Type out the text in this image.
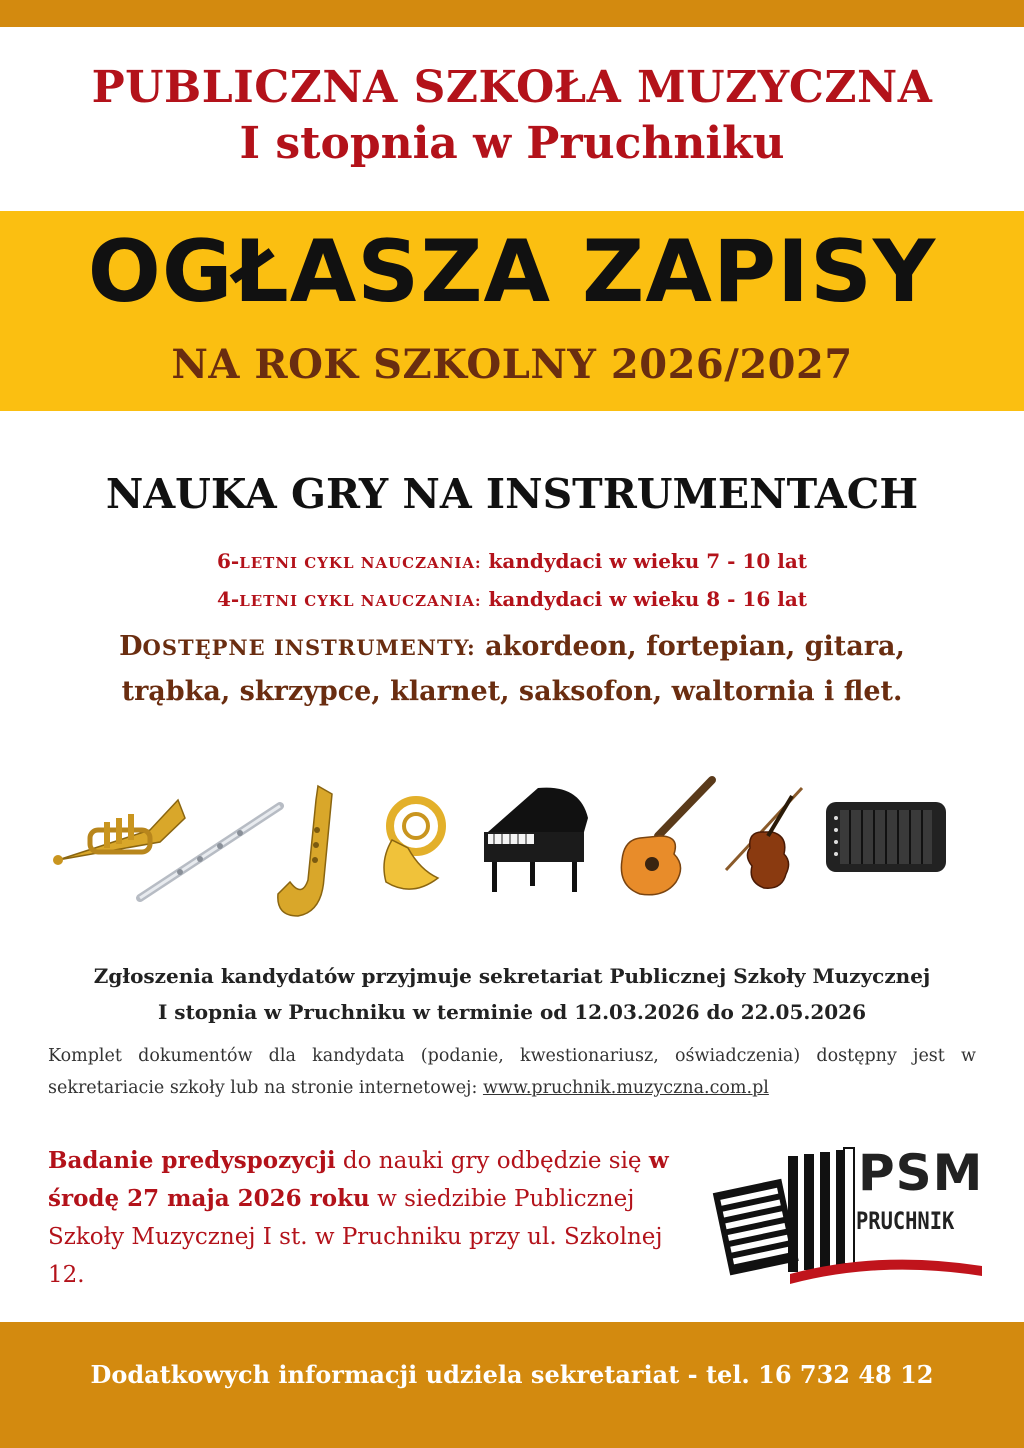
PUBLICZNA SZKOŁA MUZYCZNA
I stopnia w Pruchniku
OGŁASZA ZAPISY
NA ROK SZKOLNY 2026/2027
NAUKA GRY NA INSTRUMENTACH
6-LETNI CYKL NAUCZANIA: kandydaci w wieku 7 - 10 lat
4-LETNI CYKL NAUCZANIA: kandydaci w wieku 8 - 16 lat
DOSTĘPNE INSTRUMENTY: akordeon, fortepian, gitara,
trąbka, skrzypce, klarnet, saksofon, waltornia i flet.
Zgłoszenia kandydatów przyjmuje sekretariat Publicznej Szkoły Muzycznej
I stopnia w Pruchniku w terminie od 12.03.2026 do 22.05.2026
Komplet dokumentów dla kandydata (podanie, kwestionariusz, oświadczenia) dostępny jest w sekretariacie szkoły lub na stronie internetowej: www.pruchnik.muzyczna.com.pl
Badanie predyspozycji do nauki gry odbędzie się w środę 27 maja 2026 roku w siedzibie Publicznej Szkoły Muzycznej I st. w Pruchniku przy ul. Szkolnej 12.
PSM
PRUCHNIK
Dodatkowych informacji udziela sekretariat - tel. 16 732 48 12
